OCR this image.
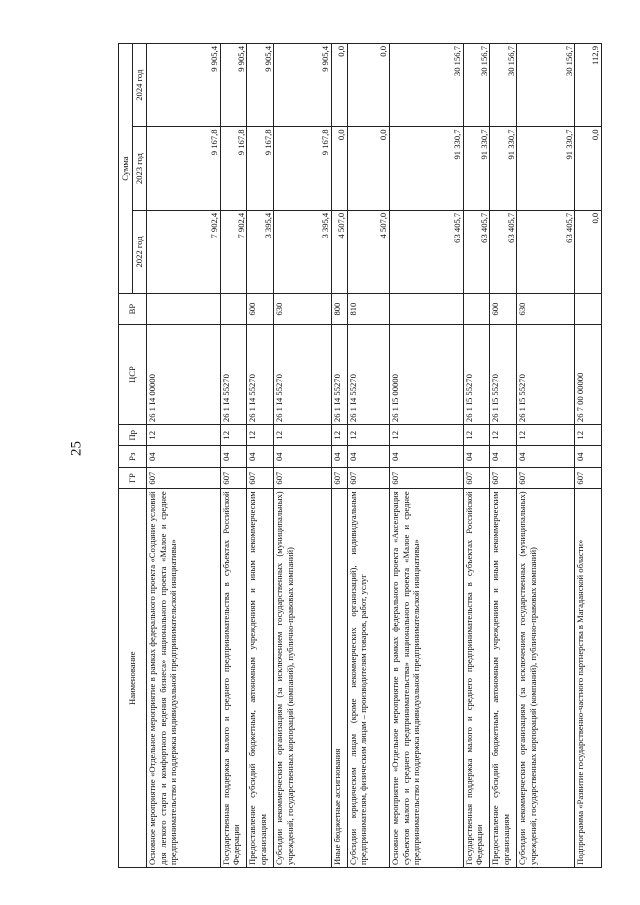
25
Наименование	ГР	Рз	Пр	ЦСР	ВР	Сумма		
						2022 год	2023 год	2024 год
Основное мероприятие «Отдельное мероприятие в рамках федерального проекта «Создание условий для легкого старта и комфортного ведения бизнеса» национального проекта «Малое и среднее предпринимательство и поддержка индивидуальной предпринимательской инициативы»	607	04	12	26 1 I4 00000		7 902,4	9 167,8	9 905,4
Государственная поддержка малого и среднего предпринимательства в субъектах Российской Федерации	607	04	12	26 1 I4 55270		7 902,4	9 167,8	9 905,4
Предоставление субсидий бюджетным, автономным учреждениям и иным некоммерческим организациям	607	04	12	26 1 I4 55270	600	3 395,4	9 167,8	9 905,4
Субсидии некоммерческим организациям (за исключением государственных (муниципальных) учреждений, государственных корпораций (компаний), публично-правовых компаний)	607	04	12	26 1 I4 55270	630	3 395,4	9 167,8	9 905,4
Иные бюджетные ассигнования	607	04	12	26 1 I4 55270	800	4 507,0	0,0	0,0
Субсидии юридическим лицам (кроме некоммерческих организаций), индивидуальным предпринимателям, физическим лицам – производителям товаров, работ, услуг	607	04	12	26 1 I4 55270	810	4 507,0	0,0	0,0
Основное мероприятие «Отдельное мероприятие в рамках федерального проекта «Акселерация субъектов малого и среднего предпринимательства» национального проекта «Малое и среднее предпринимательство и поддержка индивидуальной предпринимательской инициативы»	607	04	12	26 1 I5 00000		63 405,7	91 330,7	30 156,7
Государственная поддержка малого и среднего предпринимательства в субъектах Российской Федерации	607	04	12	26 1 I5 55270		63 405,7	91 330,7	30 156,7
Предоставление субсидий бюджетным, автономным учреждениям и иным некоммерческим организациям	607	04	12	26 1 I5 55270	600	63 405,7	91 330,7	30 156,7
Субсидии некоммерческим организациям (за исключением государственных (муниципальных) учреждений, государственных корпораций (компаний), публично-правовых компаний)	607	04	12	26 1 I5 55270	630	63 405,7	91 330,7	30 156,7
Подпрограмма «Развитие государственно-частного партнерства в Магаданской области»	607	04	12	26 7 00 00000		0,0	0,0	112,9
